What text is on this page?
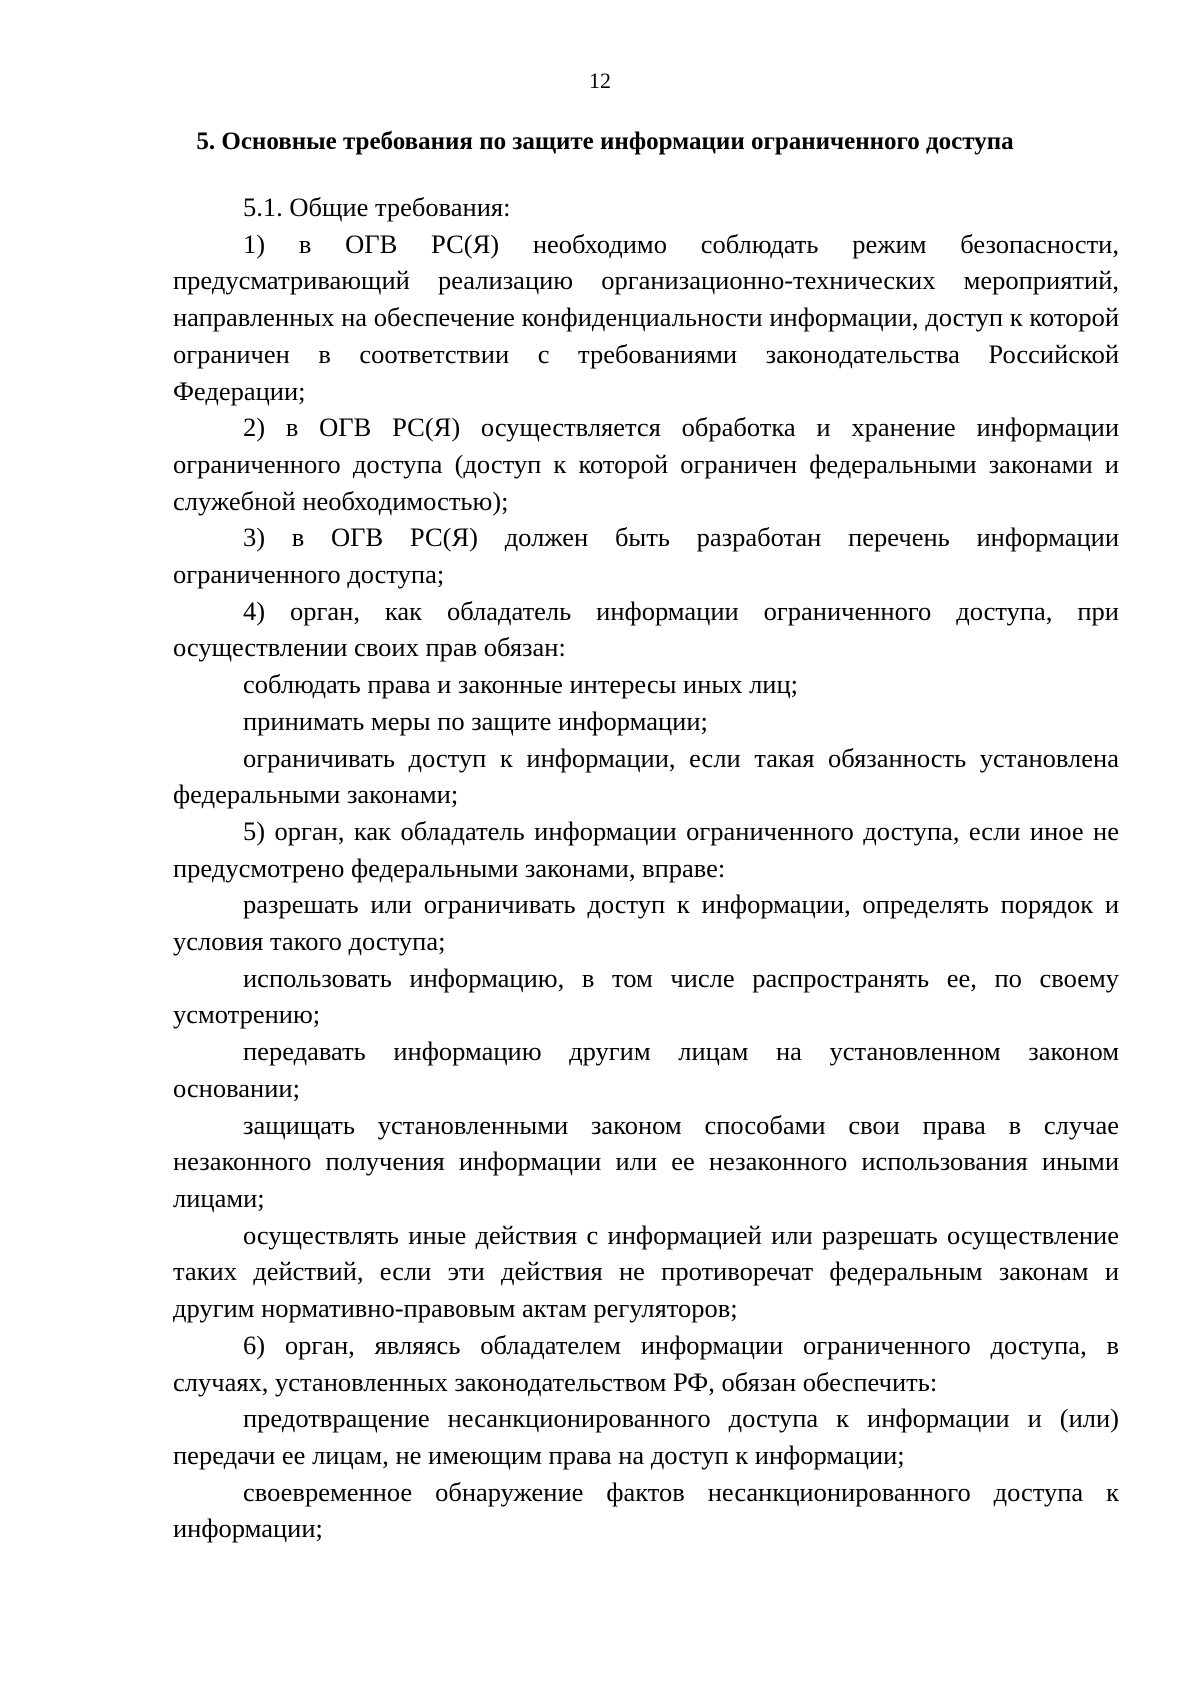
12
5. Основные требования по защите информации ограниченного доступа

5.1. Общие требования:

1) в ОГВ РС(Я) необходимо соблюдать режим безопасности, предусматривающий реализацию организационно-технических мероприятий, направленных на обеспечение конфиденциальности информации, доступ к которой ограничен в соответствии с требованиями законодательства Российской Федерации;

2) в ОГВ РС(Я) осуществляется обработка и хранение информации ограниченного доступа (доступ к которой ограничен федеральными законами и служебной необходимостью);

3) в ОГВ РС(Я) должен быть разработан перечень информации ограниченного доступа;

4) орган, как обладатель информации ограниченного доступа, при осуществлении своих прав обязан:

соблюдать права и законные интересы иных лиц;

принимать меры по защите информации;

ограничивать доступ к информации, если такая обязанность установлена федеральными законами;

5) орган, как обладатель информации ограниченного доступа, если иное не предусмотрено федеральными законами, вправе:

разрешать или ограничивать доступ к информации, определять порядок и условия такого доступа;

использовать информацию, в том числе распространять ее, по своему усмотрению;

передавать информацию другим лицам на установленном законом основании;

защищать установленными законом способами свои права в случае незаконного получения информации или ее незаконного использования иными лицами;

осуществлять иные действия с информацией или разрешать осуществление таких действий, если эти действия не противоречат федеральным законам и другим нормативно-правовым актам регуляторов;

6) орган, являясь обладателем информации ограниченного доступа, в случаях, установленных законодательством РФ, обязан обеспечить:

предотвращение несанкционированного доступа к информации и (или) передачи ее лицам, не имеющим права на доступ к информации;

своевременное обнаружение фактов несанкционированного доступа к информации;
